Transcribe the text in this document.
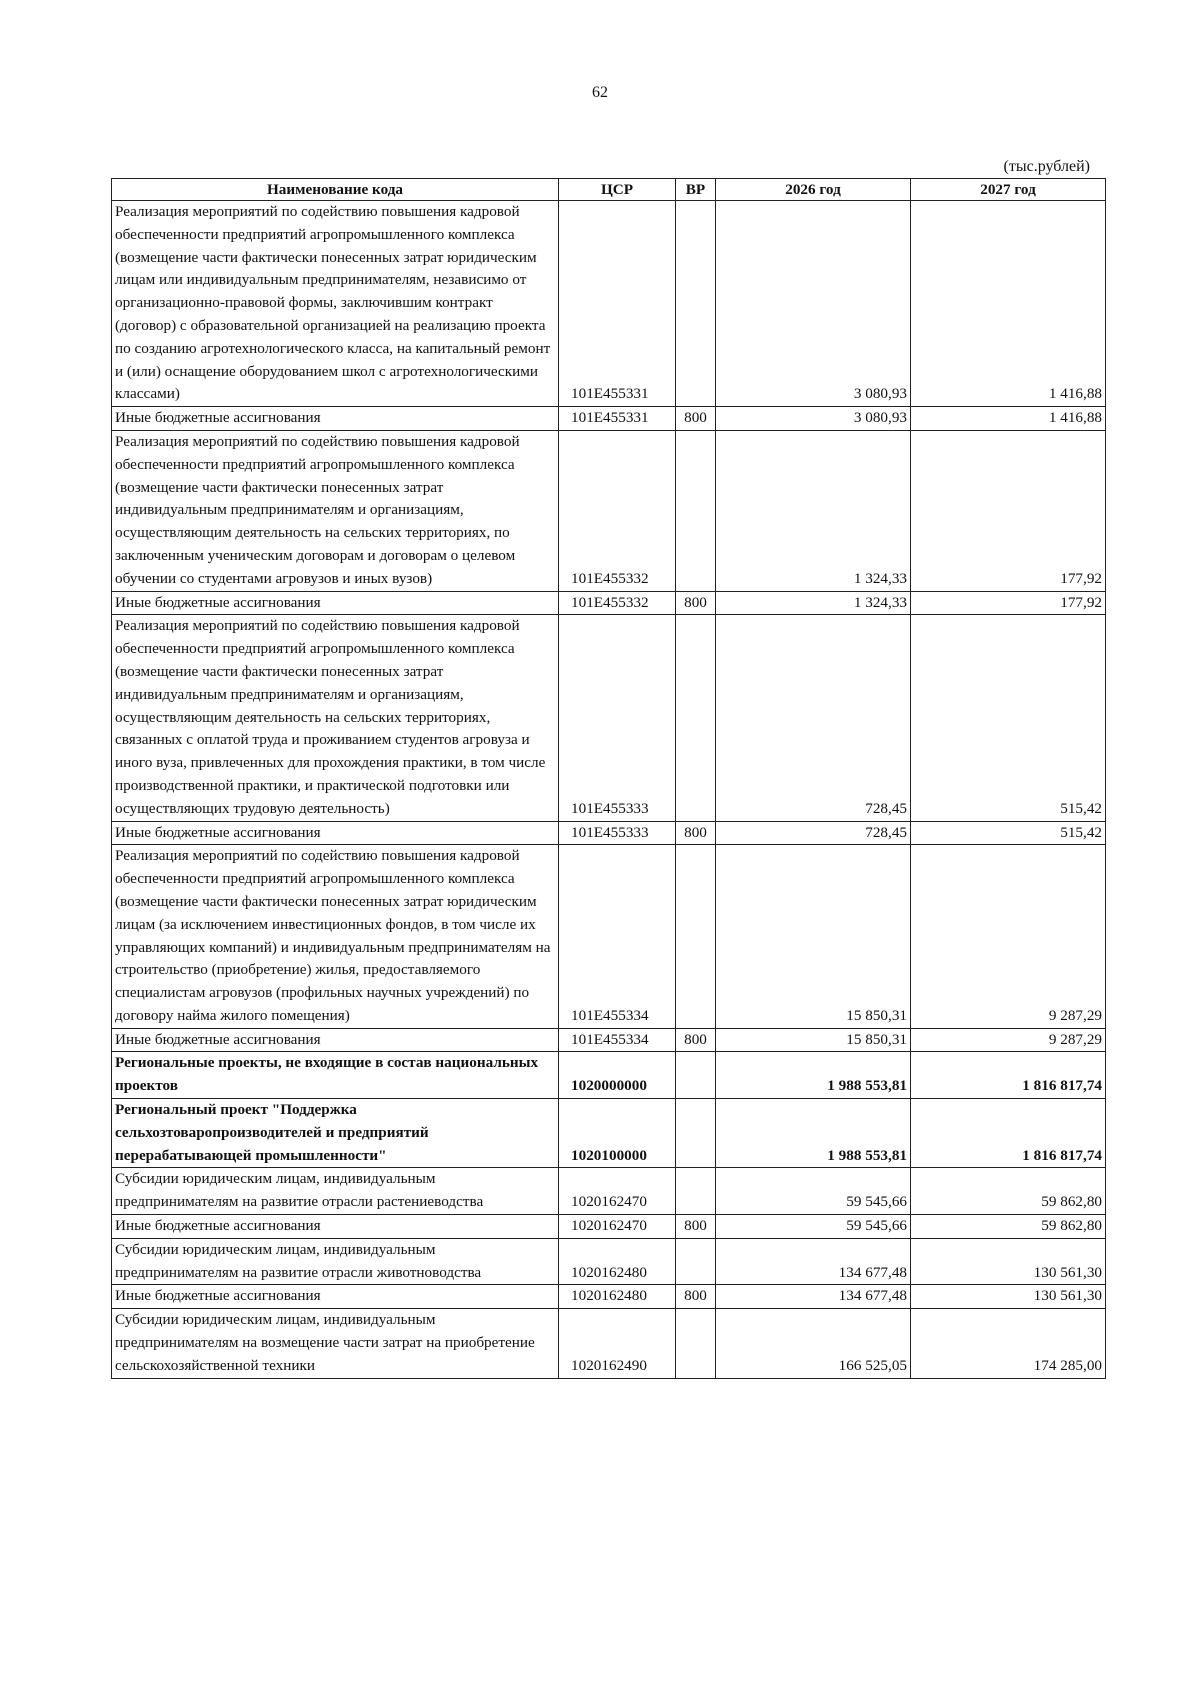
62
(тыс.рублей)
Наименование кода	ЦСР	ВР	2026 год	2027 год
Реализация мероприятий по содействию повышения кадровой обеспеченности предприятий агропромышленного комплекса (возмещение части фактически понесенных затрат юридическим лицам или индивидуальным предпринимателям, независимо от организационно-правовой формы, заключившим контракт (договор) с образовательной организацией на реализацию проекта по созданию агротехнологического класса, на капитальный ремонт и (или) оснащение оборудованием школ с агротехнологическими классами)	101E455331		3 080,93	1 416,88
Иные бюджетные ассигнования	101E455331	800	3 080,93	1 416,88
Реализация мероприятий по содействию повышения кадровой обеспеченности предприятий агропромышленного комплекса (возмещение части фактически понесенных затрат индивидуальным предпринимателям и организациям, осуществляющим деятельность на сельских территориях, по заключенным ученическим договорам и договорам о целевом обучении со студентами агровузов и иных вузов)	101E455332		1 324,33	177,92
Иные бюджетные ассигнования	101E455332	800	1 324,33	177,92
Реализация мероприятий по содействию повышения кадровой обеспеченности предприятий агропромышленного комплекса (возмещение части фактически понесенных затрат индивидуальным предпринимателям и организациям, осуществляющим деятельность на сельских территориях, связанных с оплатой труда и проживанием студентов агровуза и иного вуза, привлеченных для прохождения практики, в том числе производственной практики, и практической подготовки или осуществляющих трудовую деятельность)	101E455333		728,45	515,42
Иные бюджетные ассигнования	101E455333	800	728,45	515,42
Реализация мероприятий по содействию повышения кадровой обеспеченности предприятий агропромышленного комплекса (возмещение части фактически понесенных затрат юридическим лицам (за исключением инвестиционных фондов, в том числе их управляющих компаний) и индивидуальным предпринимателям на строительство (приобретение) жилья, предоставляемого специалистам агровузов (профильных научных учреждений) по договору найма жилого помещения)	101E455334		15 850,31	9 287,29
Иные бюджетные ассигнования	101E455334	800	15 850,31	9 287,29
Региональные проекты, не входящие в состав национальных проектов	1020000000		1 988 553,81	1 816 817,74
Региональный проект "Поддержка сельхозтоваропроизводителей и предприятий перерабатывающей промышленности"	1020100000		1 988 553,81	1 816 817,74
Субсидии юридическим лицам, индивидуальным предпринимателям на развитие отрасли растениеводства	1020162470		59 545,66	59 862,80
Иные бюджетные ассигнования	1020162470	800	59 545,66	59 862,80
Субсидии юридическим лицам, индивидуальным предпринимателям на развитие отрасли животноводства	1020162480		134 677,48	130 561,30
Иные бюджетные ассигнования	1020162480	800	134 677,48	130 561,30
Субсидии юридическим лицам, индивидуальным предпринимателям на возмещение части затрат на приобретение сельскохозяйственной техники	1020162490		166 525,05	174 285,00
